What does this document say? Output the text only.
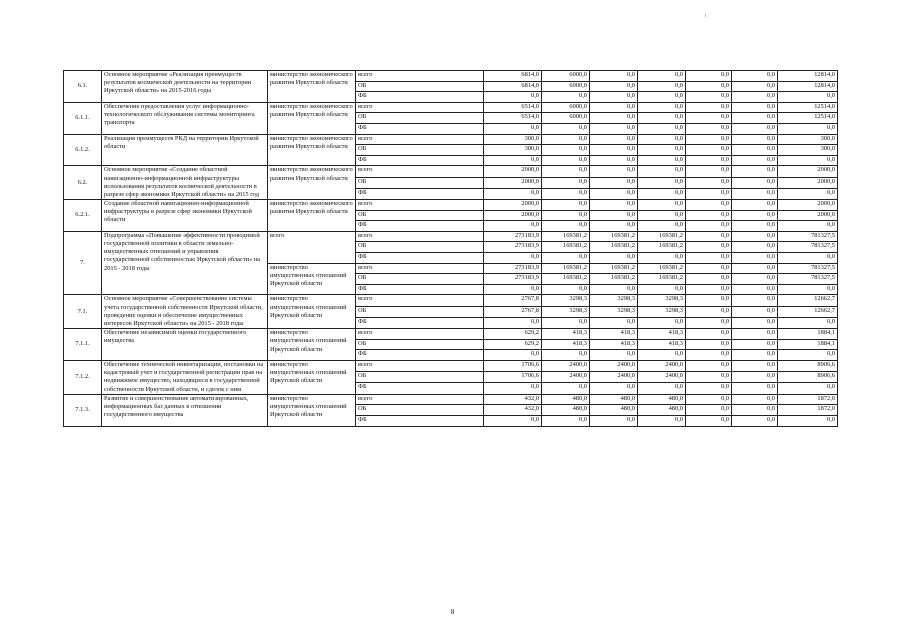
6.1.	Основное мероприятие «Реализация преимуществ результатов космической деятельности на территории Иркутской области» на 2015-2016 годы	министерство экономического развития Иркутской области	всего	6814,0	6000,0	0,0	0,0	0,0	0,0	12814,0
			ОБ	6814,0	6000,0	0,0	0,0	0,0	0,0	12814,0
			ФБ	0,0	0,0	0,0	0,0	0,0	0,0	0,0
6.1.1.	Обеспечение предоставления услуг информационно-технологического обслуживания системы мониторинга транспорта	министерство экономического развития Иркутской области	всего	6514,0	6000,0	0,0	0,0	0,0	0,0	12514,0
			ОБ	6514,0	6000,0	0,0	0,0	0,0	0,0	12514,0
			ФБ	0,0	0,0	0,0	0,0	0,0	0,0	0,0
6.1.2.	Реализация преимуществ РКД на территории Иркутской области	министерство экономического развития Иркутской области	всего	300,0	0,0	0,0	0,0	0,0	0,0	300,0
			ОБ	300,0	0,0	0,0	0,0	0,0	0,0	300,0
			ФБ	0,0	0,0	0,0	0,0	0,0	0,0	0,0
6.2.	Основное мероприятие «Создание областной навигационно-информационной инфраструктуры использования результатов космической деятельности в разрезе сфер экономики Иркутской области» на 2015 год	министерство экономического развития Иркутской области	всего	2000,0	0,0	0,0	0,0	0,0	0,0	2000,0
			ОБ	2000,0	0,0	0,0	0,0	0,0	0,0	2000,0
			ФБ	0,0	0,0	0,0	0,0	0,0	0,0	0,0
6.2.1.	Создание областной навигационно-информационной инфраструктуры в разрезе сфер экономики Иркутской области	министерство экономического развития Иркутской области	всего	2000,0	0,0	0,0	0,0	0,0	0,0	2000,0
			ОБ	2000,0	0,0	0,0	0,0	0,0	0,0	2000,0
			ФБ	0,0	0,0	0,0	0,0	0,0	0,0	0,0
7.	Подпрограмма «Повышение эффективности проводимой государственной политики в области земельно-имущественных отношений и управления государственной собственностью Иркутской области» на 2015 - 2018 годы	всего	всего	273183,9	169381,2	169381,2	169381,2	0,0	0,0	781327,5
			ОБ	273183,9	169381,2	169381,2	169381,2	0,0	0,0	781327,5
			ФБ	0,0	0,0	0,0	0,0	0,0	0,0	0,0
		министерство имущественных отношений Иркутской области	всего	273183,9	169381,2	169381,2	169381,2	0,0	0,0	781327,5
			ОБ	273183,9	169381,2	169381,2	169381,2	0,0	0,0	781327,5
			ФБ	0,0	0,0	0,0	0,0	0,0	0,0	0,0
7.1.	Основное мероприятие «Совершенствование системы учета государственной собственности Иркутской области, проведение оценки и обеспечение имущественных интересов Иркутской области» на 2015 - 2018 годы	министерство имущественных отношений Иркутской области	всего	2767,8	3298,3	3298,3	3298,3	0,0	0,0	12662,7
			ОБ	2767,8	3298,3	3298,3	3298,3	0,0	0,0	12662,7
			ФБ	0,0	0,0	0,0	0,0	0,0	0,0	0,0
7.1.1.	Обеспечение независимой оценки государственного имущества	министерство имущественных отношений Иркутской области	всего	629,2	418,3	418,3	418,3	0,0	0,0	1884,1
			ОБ	629,2	418,3	418,3	418,3	0,0	0,0	1884,1
			ФБ	0,0	0,0	0,0	0,0	0,0	0,0	0,0
7.1.2.	Обеспечение технической инвентаризации, постановки на кадастровый учет и государственной регистрации прав на недвижимое имущество, находящееся в государственной собственности Иркутской области, и сделок с ним	министерство имущественных отношений Иркутской области	всего	1706,6	2400,0	2400,0	2400,0	0,0	0,0	8906,6
			ОБ	1706,6	2400,0	2400,0	2400,0	0,0	0,0	8906,6
			ФБ	0,0	0,0	0,0	0,0	0,0	0,0	0,0
7.1.3.	Развитие и совершенствование автоматизированных, информационных баз данных в отношении государственного имущества	министерство имущественных отношений Иркутской области	всего	432,0	480,0	480,0	480,0	0,0	0,0	1872,0
			ОБ	432,0	480,0	480,0	480,0	0,0	0,0	1872,0
			ФБ	0,0	0,0	0,0	0,0	0,0	0,0	0,0
8
